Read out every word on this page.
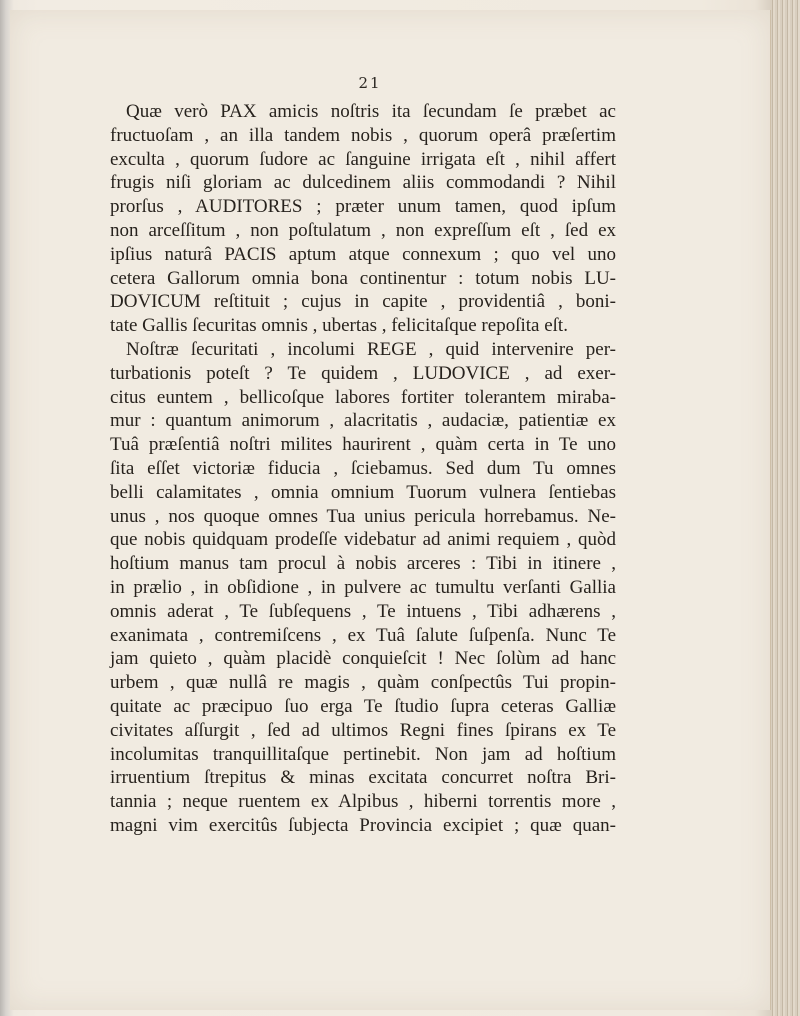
21
Quæ verò PAX amicis noſtris ita ſecundam ſe præbet ac
fructuoſam , an illa tandem nobis , quorum operâ præſertim
exculta , quorum ſudore ac ſanguine irrigata eſt , nihil affert
frugis niſi gloriam ac dulcedinem aliis commodandi ? Nihil
prorſus , AUDITORES ; præter unum tamen, quod ipſum
non arceſſitum , non poſtulatum , non expreſſum eſt , ſed ex
ipſius naturâ PACIS aptum atque connexum ; quo vel uno
cetera Gallorum omnia bona continentur : totum nobis LU-
DOVICUM reſtituit ; cujus in capite , providentiâ , boni-
tate Gallis ſecuritas omnis , ubertas , felicitaſque repoſita eſt.
Noſtræ ſecuritati , incolumi REGE , quid intervenire per-
turbationis poteſt ? Te quidem , LUDOVICE , ad exer-
citus euntem , bellicoſque labores fortiter tolerantem miraba-
mur : quantum animorum , alacritatis , audaciæ, patientiæ ex
Tuâ præſentiâ noſtri milites haurirent , quàm certa in Te uno
ſita eſſet victoriæ fiducia , ſciebamus. Sed dum Tu omnes
belli calamitates , omnia omnium Tuorum vulnera ſentiebas
unus , nos quoque omnes Tua unius pericula horrebamus. Ne-
que nobis quidquam prodeſſe videbatur ad animi requiem , quòd
hoſtium manus tam procul à nobis arceres : Tibi in itinere ,
in prælio , in obſidione , in pulvere ac tumultu verſanti Gallia
omnis aderat , Te ſubſequens , Te intuens , Tibi adhærens ,
exanimata , contremiſcens , ex Tuâ ſalute ſuſpenſa. Nunc Te
jam quieto , quàm placidè conquieſcit ! Nec ſolùm ad hanc
urbem , quæ nullâ re magis , quàm conſpectûs Tui propin-
quitate ac præcipuo ſuo erga Te ſtudio ſupra ceteras Galliæ
civitates aſſurgit , ſed ad ultimos Regni fines ſpirans ex Te
incolumitas tranquillitaſque pertinebit. Non jam ad hoſtium
irruentium ſtrepitus & minas excitata concurret noſtra Bri-
tannia ; neque ruentem ex Alpibus , hiberni torrentis more ,
magni vim exercitûs ſubjecta Provincia excipiet ; quæ quan-
